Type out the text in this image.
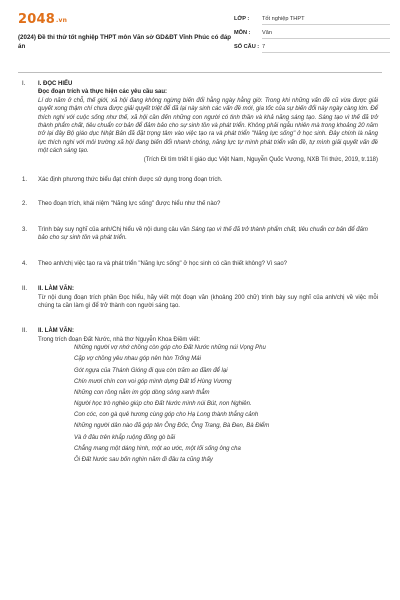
2048.vn
(2024) Đề thi thử tốt nghiệp THPT môn Văn sở GD&ĐT Vĩnh Phúc có đáp án
LỚP : Tốt nghiệp THPT
MÔN : Văn
SỐ CÂU : 7
I. I. ĐỌC HIỂU
Đọc đoạn trích và thực hiện các yêu cầu sau:
Lí do năm ở chỗ, thế giới, xã hội đang không ngừng biến đổi hằng ngày hằng giờ. Trong khi những vấn đề cũ vừa được giải quyết xong thậm chí chưa được giải quyết triệt để đã lại này sinh các vấn đề mới, gia tốc của sự biến đổi này ngày càng lớn. Để thích nghi với cuộc sống như thế, xã hội cần đến những con người có tinh thần và khả năng sáng tạo. Sáng tạo vì thế đã trở thành phẩm chất, tiêu chuẩn cơ bản để đảm bảo cho sự sinh tồn và phát triển. Không phải ngẫu nhiên mà trong khoảng 20 năm trở lại đây Bộ giáo dục Nhật Bản đã đặt trọng tâm vào việc tạo ra và phát triển "Năng lực sống" ở học sinh. Đây chính là năng lực thích nghi với môi trường xã hội đang biến đổi nhanh chóng, năng lực tự mình phát triển vấn đề, tự mình giải quyết vấn đề một cách sáng tạo.
(Trích Đi tìm triết lí giáo dục Việt Nam, Nguyễn Quốc Vương, NXB Tri thức, 2019, tr.118)
1. Xác định phương thức biểu đạt chính được sử dụng trong đoạn trích.
2. Theo đoạn trích, khái niệm "Năng lực sống" được hiểu như thế nào?
3. Trình bày suy nghĩ của anh/Chị hiểu về nội dung câu văn Sáng tạo vì thế đã trở thành phẩm chất, tiêu chuẩn cơ bản để đảm bảo cho sự sinh tồn và phát triển.
4. Theo anh/chị việc tạo ra và phát triển "Năng lực sống" ở học sinh có cần thiết không? Vì sao?
II. II. LÀM VĂN:
Từ nội dung đoạn trích phần Đọc hiểu, hãy viết một đoạn văn (khoảng 200 chữ) trình bày suy nghĩ của anh/chị về việc mỗi chúng ta cần làm gì để trở thành con người sáng tạo.
II. II. LÀM VĂN:
Trong trích đoạn Đất Nước, nhà thơ Nguyễn Khoa Điềm viết:
Những người vợ nhớ chồng còn góp cho Đất Nước những núi Vọng Phu
Cặp vợ chồng yêu nhau góp nên hòn Trống Mái
Gót ngựa của Thánh Gióng đi qua còn trăm ao đầm để lại
Chín mươi chín con voi góp mình dựng Đất tổ Hùng Vương
Những con rồng nằm im góp dòng sông xanh thẳm
Người học trò nghèo giúp cho Đất Nước mình núi Bút, non Nghiên.
Con cóc, con gà quê hương cùng góp cho Hạ Long thành thắng cảnh
Những người dân nào đã góp tên Ông Đốc, Ông Trang, Bà Đen, Bà Điểm
Và ở đâu trên khắp ruộng đồng gò bãi
Chẳng mang một dáng hình, một ao ước, một lối sống ông cha
Ôi Đất Nước sau bốn nghìn năm đi đâu ta cũng thấy
